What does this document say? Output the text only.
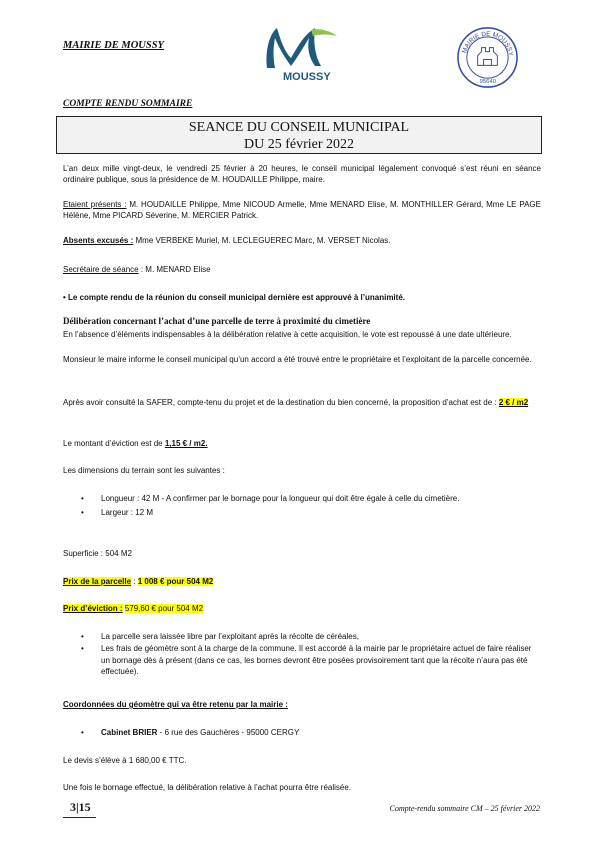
MAIRIE DE MOUSSY
MOUSSY
MAIRIE DE MOUSSY
95640
COMPTE RENDU SOMMAIRE
SEANCE DU CONSEIL MUNICIPAL
DU 25 février 2022
L’an deux mille vingt-deux, le vendredi 25 février à 20 heures, le conseil municipal légalement convoqué s’est réuni en séance ordinaire publique, sous la présidence de M. HOUDAILLE Philippe, maire.
Etaient présents : M. HOUDAILLE Philippe, Mme NICOUD Armelle, Mme MENARD Elise, M. MONTHILLER Gérard, Mme LE PAGE Hélène, Mme PICARD Séverine, M. MERCIER Patrick.
Absents excusés : Mme VERBEKE Muriel, M. LECLEGUEREC Marc, M. VERSET Nicolas.
Secrétaire de séance : M. MENARD Elise
• Le compte rendu de la réunion du conseil municipal dernière est approuvé à l’unanimité.
Délibération concernant l’achat d’une parcelle de terre à proximité du cimetière
En l’absence d’éléments indispensables à la délibération relative à cette acquisition, le vote est repoussé à une date ultérieure.
Monsieur le maire informe le conseil municipal qu’un accord a été trouvé entre le propriétaire et l’exploitant de la parcelle concernée.
Après avoir consulté la SAFER, compte-tenu du projet et de la destination du bien concerné, la proposition d’achat est de : 2 € / m2
Le montant d’éviction est de 1,15 € / m2.
Les dimensions du terrain sont les suivantes :
• Longueur : 42 M - A confirmer par le bornage pour la longueur qui doit être égale à celle du cimetière.
• Largeur : 12 M
Superficie : 504 M2
Prix de la parcelle : 1 008 € pour 504 M2
Prix d’éviction : 579,60 € pour 504 M2
• La parcelle sera laissée libre par l’exploitant après la récolte de céréales,
• Les frais de géomètre sont à la charge de la commune. Il est accordé à la mairie par le propriétaire actuel de faire réaliser un bornage dès à présent (dans ce cas, les bornes devront être posées provisoirement tant que la récolte n’aura pas été effectuée).
Coordonnées du géomètre qui va être retenu par la mairie :
• Cabinet BRIER - 6 rue des Gauchères - 95000 CERGY
Le devis s’élève à 1 680,00 € TTC.
Une fois le bornage effectué, la délibération relative à l’achat pourra être réalisée.
3|15	Compte-rendu sommaire CM – 25 février 2022
